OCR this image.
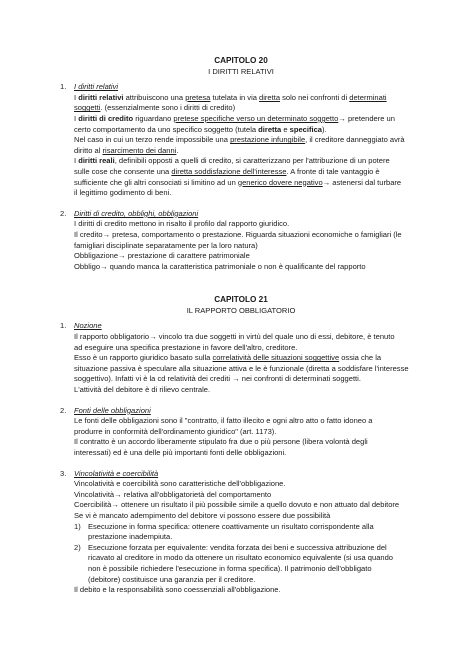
CAPITOLO 20

I DIRITTI RELATIVI

1.	I diritti relativi

I diritti relativi attribuiscono una pretesa tutelata in via diretta solo nei confronti di determinati

soggetti. (essenzialmente sono i diritti di credito)

I diritti di credito riguardano pretese specifiche verso un determinato soggetto→ pretendere un

certo comportamento da uno specifico soggetto (tutela diretta e specifica).

Nel caso in cui un terzo rende impossibile una prestazione infungibile, il creditore danneggiato avrà

diritto al risarcimento dei danni.

I diritti reali, definibili opposti a quelli di credito, si caratterizzano per l'attribuzione di un potere

sulle cose che consente una diretta soddisfazione dell'interesse. A fronte di tale vantaggio è

sufficiente che gli altri consociati si limitino ad un generico dovere negativo→ astenersi dal turbare

il legittimo godimento di beni.

2.	Diritti di credito, obblighi, obbligazioni

I diritti di credito mettono in risalto il profilo dal rapporto giuridico.

Il credito→ pretesa, comportamento o prestazione. Riguarda situazioni economiche o famigliari (le

famigliari disciplinate separatamente per la loro natura)

Obbligazione→ prestazione di carattere patrimoniale

Obbligo→ quando manca la caratteristica patrimoniale o non è qualificante del rapporto

CAPITOLO 21

IL RAPPORTO OBBLIGATORIO

1.	Nozione

Il rapporto obbligatorio→ vincolo tra due soggetti in virtù del quale uno di essi, debitore, è tenuto

ad eseguire una specifica prestazione in favore dell'altro, creditore.

Esso è un rapporto giuridico basato sulla correlatività delle situazioni soggettive ossia che la

situazione passiva è speculare alla situazione attiva e le è funzionale (diretta a soddisfare l'interesse

soggettivo). Infatti vi è la cd relatività dei crediti → nei confronti di determinati soggetti.

L'attività del debitore è di rilievo centrale.

2.	Fonti delle obbligazioni

Le fonti delle obbligazioni sono il "contratto, il fatto illecito e ogni altro atto o fatto idoneo a

produrre in conformità dell'ordinamento giuridico" (art. 1173).

Il contratto è un accordo liberamente stipulato fra due o più persone (libera volontà degli

interessati) ed è una delle più importanti fonti delle obbligazioni.

3.	Vincolatività e coercibilità

Vincolatività e coercibilità sono caratteristiche dell'obbligazione.

Vincolatività→ relativa all'obbligatorietà del comportamento

Coercibilità→ ottenere un risultato il più possibile simile a quello dovuto e non attuato dal debitore

Se vi è mancato adempimento del debitore vi possono essere due possibilità

1) Esecuzione in forma specifica: ottenere coattivamente un risultato corrispondente alla

prestazione inadempiuta.

2) Esecuzione forzata per equivalente: vendita forzata dei beni e successiva attribuzione del

ricavato al creditore in modo da ottenere un risultato economico equivalente (si usa quando

non è possibile richiedere l'esecuzione in forma specifica). Il patrimonio dell'obbligato

(debitore) costituisce una garanzia per il creditore.

Il debito e la responsabilità sono coessenziali all'obbligazione.
